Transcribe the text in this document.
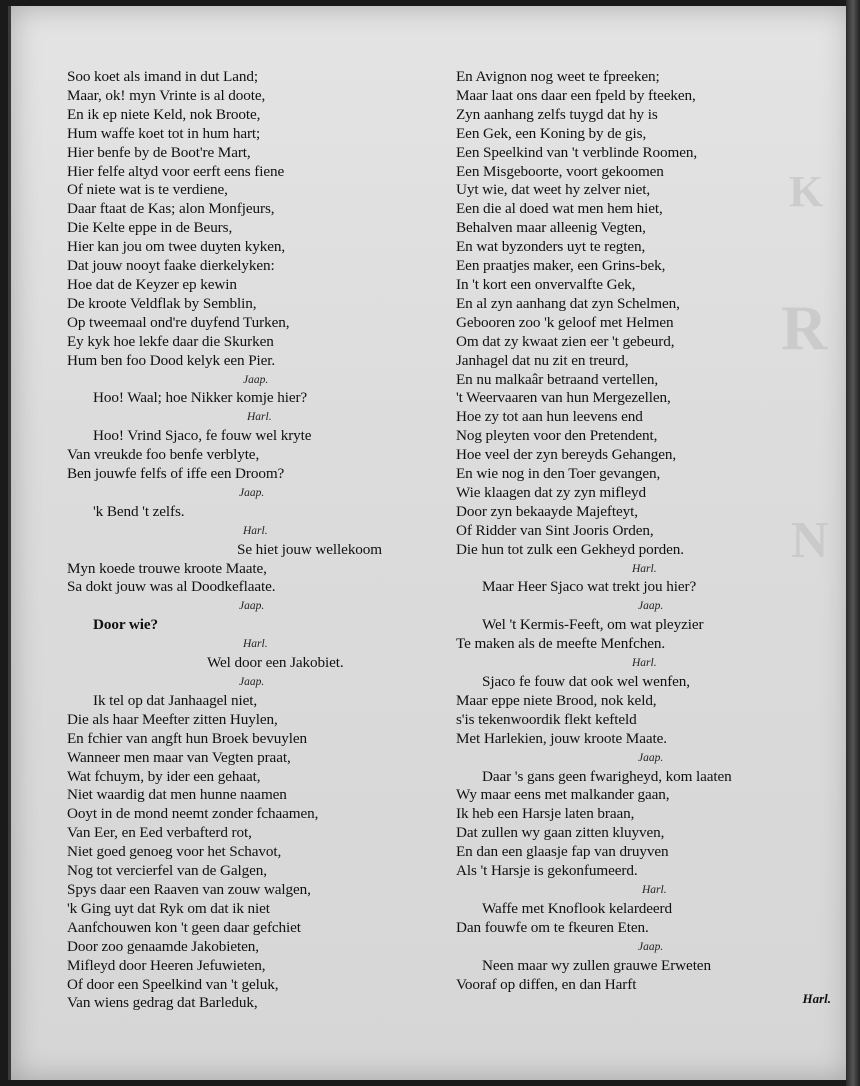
R
K
N
Soo koet als imand in dut Land;
Maar, ok! myn Vrinte is al doote,
En ik ep niete Keld, nok Broote,
Hum waffe koet tot in hum hart;
Hier benfe by de Boot're Mart,
Hier felfe altyd voor eerft eens fiene
Of niete wat is te verdiene,
Daar ftaat de Kas; alon Monfjeurs,
Die Kelte eppe in de Beurs,
Hier kan jou om twee duyten kyken,
Dat jouw nooyt faake dierkelyken:
Hoe dat de Keyzer ep kewin
De kroote Veldflak by Semblin,
Op tweemaal ond're duyfend Turken,
Ey kyk hoe lekfe daar die Skurken
Hum ben foo Dood kelyk een Pier.
Jaap.
Hoo! Waal; hoe Nikker komje hier?
Harl.
Hoo! Vrind Sjaco, fe fouw wel kryte
Van vreukde foo benfe verblyte,
Ben jouwfe felfs of iffe een Droom?
Jaap.
'k Bend 't zelfs.
Harl.
Se hiet jouw wellekoom
Myn koede trouwe kroote Maate,
Sa dokt jouw was al Doodkeflaate.
Jaap.
Door wie?
Harl.
Wel door een Jakobiet.
Jaap.
Ik tel op dat Janhaagel niet,
Die als haar Meefter zitten Huylen,
En fchier van angft hun Broek bevuylen
Wanneer men maar van Vegten praat,
Wat fchuym, by ider een gehaat,
Niet waardig dat men hunne naamen
Ooyt in de mond neemt zonder fchaamen,
Van Eer, en Eed verbafterd rot,
Niet goed genoeg voor het Schavot,
Nog tot vercierfel van de Galgen,
Spys daar een Raaven van zouw walgen,
'k Ging uyt dat Ryk om dat ik niet
Aanfchouwen kon 't geen daar gefchiet
Door zoo genaamde Jakobieten,
Mifleyd door Heeren Jefuwieten,
Of door een Speelkind van 't geluk,
Van wiens gedrag dat Barleduk,
En Avignon nog weet te fpreeken;
Maar laat ons daar een fpeld by fteeken,
Zyn aanhang zelfs tuygd dat hy is
Een Gek, een Koning by de gis,
Een Speelkind van 't verblinde Roomen,
Een Misgeboorte, voort gekoomen
Uyt wie, dat weet hy zelver niet,
Een die al doed wat men hem hiet,
Behalven maar alleenig Vegten,
En wat byzonders uyt te regten,
Een praatjes maker, een Grins-bek,
In 't kort een onvervalfte Gek,
En al zyn aanhang dat zyn Schelmen,
Gebooren zoo 'k geloof met Helmen
Om dat zy kwaat zien eer 't gebeurd,
Janhagel dat nu zit en treurd,
En nu malkaâr betraand vertellen,
't Weervaaren van hun Mergezellen,
Hoe zy tot aan hun leevens end
Nog pleyten voor den Pretendent,
Hoe veel der zyn bereyds Gehangen,
En wie nog in den Toer gevangen,
Wie klaagen dat zy zyn mifleyd
Door zyn bekaayde Majefteyt,
Of Ridder van Sint Jooris Orden,
Die hun tot zulk een Gekheyd porden.
Harl.
Maar Heer Sjaco wat trekt jou hier?
Jaap.
Wel 't Kermis-Feeft, om wat pleyzier
Te maken als de meefte Menfchen.
Harl.
Sjaco fe fouw dat ook wel wenfen,
Maar eppe niete Brood, nok keld,
s'is tekenwoordik flekt kefteld
Met Harlekien, jouw kroote Maate.
Jaap.
Daar 's gans geen fwarigheyd, kom laaten
Wy maar eens met malkander gaan,
Ik heb een Harsje laten braan,
Dat zullen wy gaan zitten kluyven,
En dan een glaasje fap van druyven
Als 't Harsje is gekonfumeerd.
Harl.
Waffe met Knoflook kelardeerd
Dan fouwfe om te fkeuren Eten.
Jaap.
Neen maar wy zullen grauwe Erweten
Vooraf op diffen, en dan Harft
Harl.
